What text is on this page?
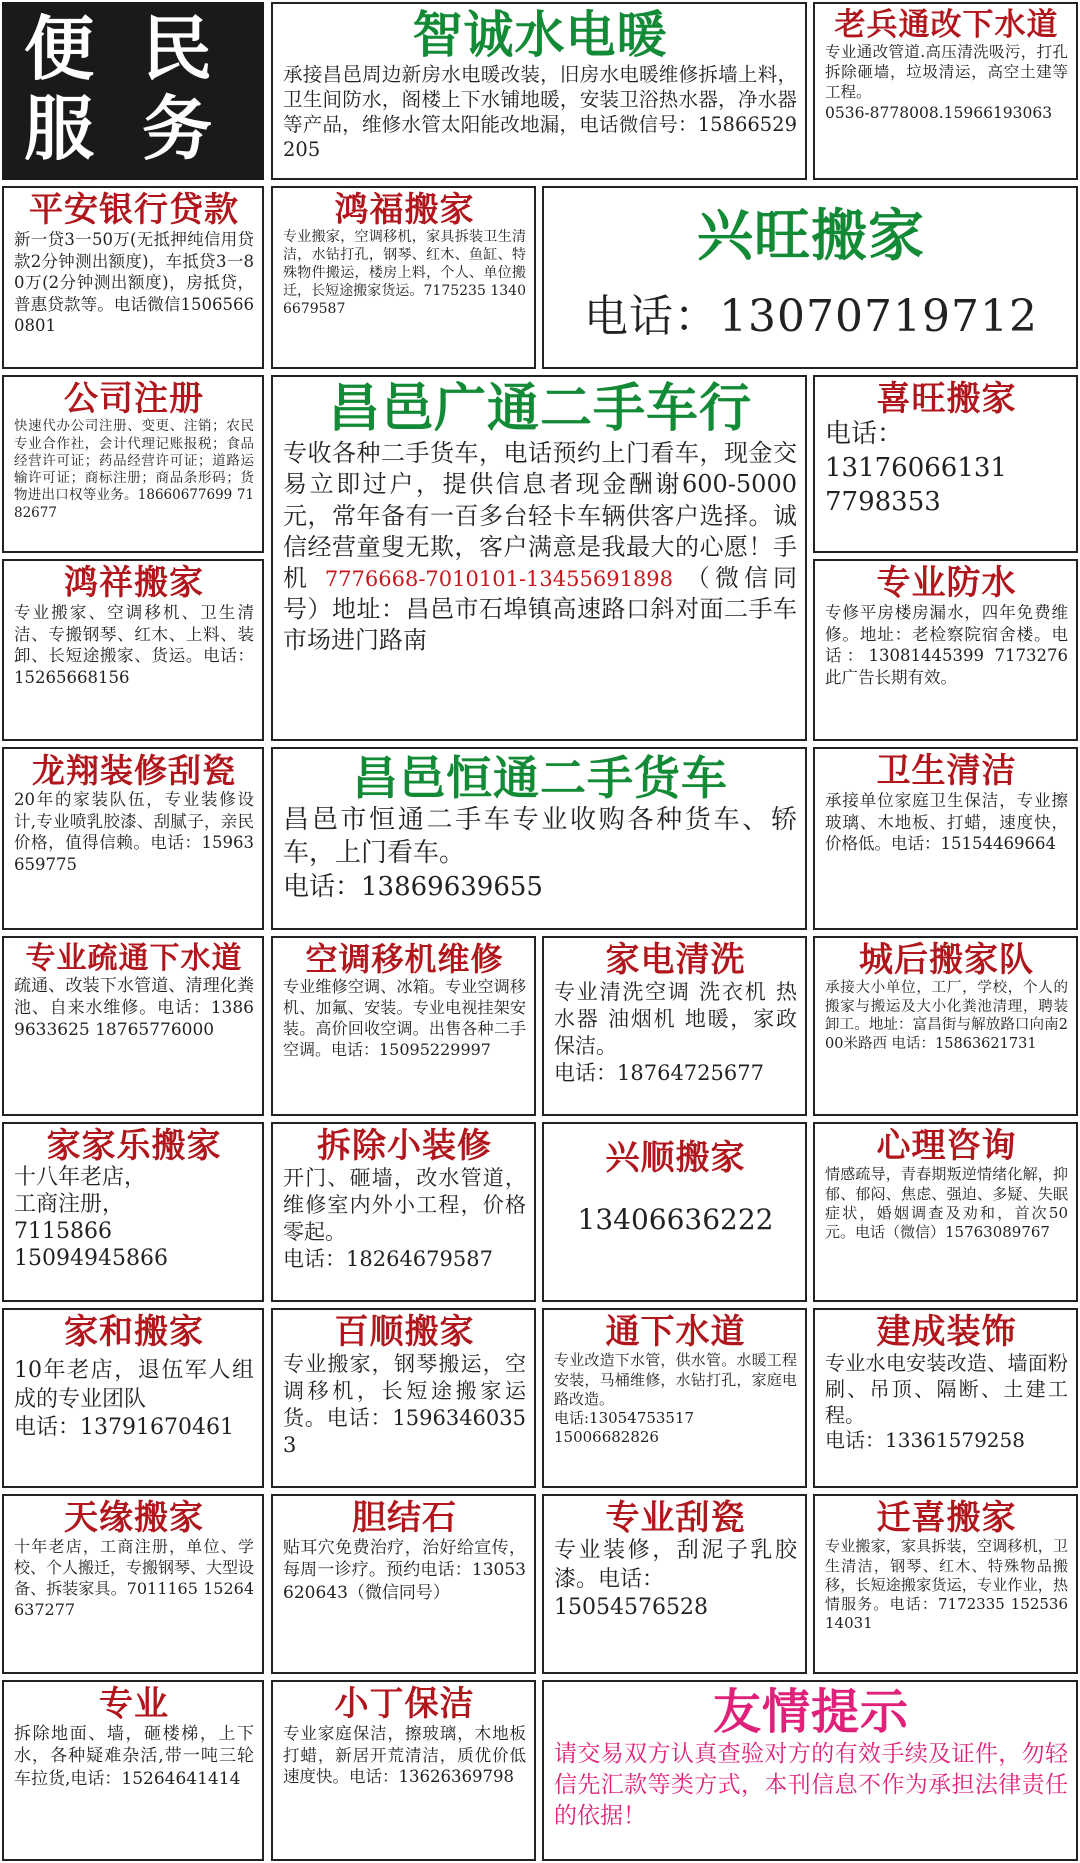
便 民
服 务
智诚水电暖
承接昌邑周边新房水电暖改装，旧房水电暖维修拆墙上料，卫生间防水，阁楼上下水铺地暖，安装卫浴热水器，净水器等产品，维修水管太阳能改地漏，电话微信号：15866529205
老兵通改下水道
专业通改管道.高压清洗吸污，打孔拆除砸墙，垃圾清运，高空土建等工程。
0536-8778008.15966193063
平安银行贷款
新一贷3一50万(无抵押纯信用贷款2分钟测出额度)，车抵贷3一80万(2分钟测出额度)，房抵贷，普惠贷款等。电话微信15065660801
鸿福搬家
专业搬家，空调移机，家具拆装卫生清洁，水钻打孔，钢琴、红木、鱼缸、特殊物件搬运，楼房上料，个人、单位搬迁，长短途搬家货运。7175235 13406679587
兴旺搬家
电话：13070719712
公司注册
快速代办公司注册、变更、注销；农民专业合作社，会计代理记账报税；食品经营许可证；药品经营许可证；道路运输许可证；商标注册；商品条形码；货物进出口权等业务。18660677699 7182677
昌邑广通二手车行
专收各种二手货车，电话预约上门看车，现金交易立即过户，提供信息者现金酬谢600-5000元，常年备有一百多台轻卡车辆供客户选择。诚信经营童叟无欺，客户满意是我最大的心愿！手机 7776668-7010101-13455691898 （微信同号）地址：昌邑市石埠镇高速路口斜对面二手车市场进门路南
喜旺搬家
电话：
13176066131
7798353
鸿祥搬家
专业搬家、空调移机、卫生清洁、专搬钢琴、红木、上料、装卸、长短途搬家、货运。电话：15265668156
专业防水
专修平房楼房漏水，四年免费维修。地址：老检察院宿舍楼。电话：13081445399 7173276此广告长期有效。
龙翔装修刮瓷
20年的家装队伍，专业装修设计,专业喷乳胶漆、刮腻子，亲民价格，值得信赖。电话：15963659775
昌邑恒通二手货车
昌邑市恒通二手车专业收购各种货车、轿车，上门看车。
电话：13869639655
卫生清洁
承接单位家庭卫生保洁，专业擦玻璃、木地板、打蜡，速度快，价格低。电话：15154469664
专业疏通下水道
疏通、改装下水管道、清理化粪池、自来水维修。电话：13869633625 18765776000
空调移机维修
专业维修空调、冰箱。专业空调移机、加氟、安装。专业电视挂架安装。高价回收空调。出售各种二手空调。电话：15095229997
家电清洗
专业清洗空调 洗衣机 热水器 油烟机 地暖，家政保洁。
电话：18764725677
城后搬家队
承接大小单位，工厂，学校，个人的搬家与搬运及大小化粪池清理，聘装卸工。地址：富昌街与解放路口向南200米路西 电话：15863621731
家家乐搬家
十八年老店，
工商注册，
7115866
15094945866
拆除小装修
开门、砸墙，改水管道，维修室内外小工程，价格零起。
电话：18264679587
兴顺搬家
13406636222
心理咨询
情感疏导，青春期叛逆情绪化解，抑郁、郁闷、焦虑、强迫、多疑、失眠症状，婚姻调查及劝和，首次50元。电话（微信）15763089767
家和搬家
10年老店，退伍军人组成的专业团队
电话：13791670461
百顺搬家
专业搬家，钢琴搬运，空调移机，长短途搬家运货。电话：15963460353
通下水道
专业改造下水管，供水管。水暖工程安装，马桶维修，水钻打孔，家庭电路改造。
电话:13054753517
15006682826
建成装饰
专业水电安装改造、墙面粉刷、吊顶、隔断、土建工程。
电话：13361579258
天缘搬家
十年老店，工商注册，单位、学校、个人搬迁，专搬钢琴、大型设备、拆装家具。7011165 15264637277
胆结石
贴耳穴免费治疗，治好给宣传，每周一诊疗。预约电话：13053620643（微信同号）
专业刮瓷
专业装修，刮泥子乳胶漆。电话：
15054576528
迁喜搬家
专业搬家，家具拆装，空调移机，卫生清洁，钢琴、红木、特殊物品搬移，长短途搬家货运，专业作业，热情服务。电话：7172335 15253614031
专业
拆除地面、墙，砸楼梯，上下水，各种疑难杂活,带一吨三轮车拉货,电话：15264641414
小丁保洁
专业家庭保洁，擦玻璃，木地板打蜡，新居开荒清洁，质优价低速度快。电话：13626369798
友情提示
请交易双方认真查验对方的有效手续及证件，勿轻信先汇款等类方式，本刊信息不作为承担法律责任的依据！
